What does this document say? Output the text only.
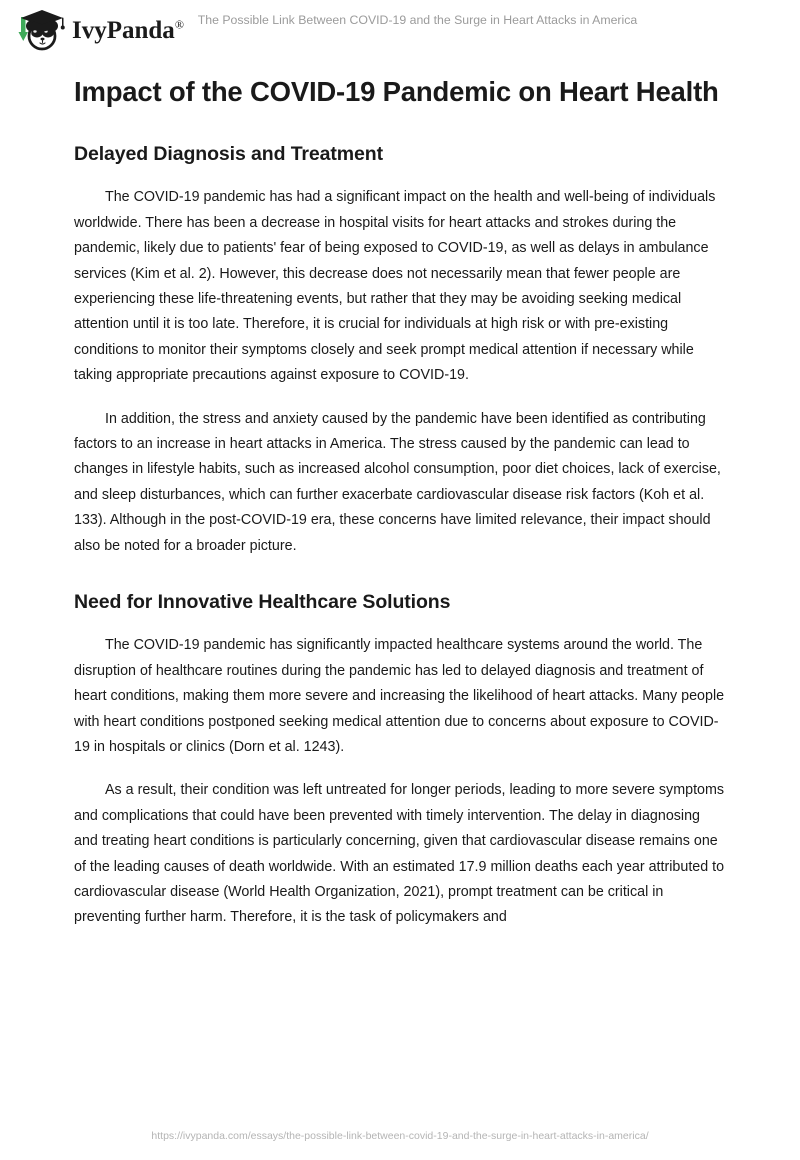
IvyPanda®	The Possible Link Between COVID-19 and the Surge in Heart Attacks in America
Impact of the COVID-19 Pandemic on Heart Health
Delayed Diagnosis and Treatment

The COVID-19 pandemic has had a significant impact on the health and well-being of individuals worldwide. There has been a decrease in hospital visits for heart attacks and strokes during the pandemic, likely due to patients' fear of being exposed to COVID-19, as well as delays in ambulance services (Kim et al. 2). However, this decrease does not necessarily mean that fewer people are experiencing these life-threatening events, but rather that they may be avoiding seeking medical attention until it is too late. Therefore, it is crucial for individuals at high risk or with pre-existing conditions to monitor their symptoms closely and seek prompt medical attention if necessary while taking appropriate precautions against exposure to COVID-19.

In addition, the stress and anxiety caused by the pandemic have been identified as contributing factors to an increase in heart attacks in America. The stress caused by the pandemic can lead to changes in lifestyle habits, such as increased alcohol consumption, poor diet choices, lack of exercise, and sleep disturbances, which can further exacerbate cardiovascular disease risk factors (Koh et al. 133). Although in the post-COVID-19 era, these concerns have limited relevance, their impact should also be noted for a broader picture.

Need for Innovative Healthcare Solutions

The COVID-19 pandemic has significantly impacted healthcare systems around the world. The disruption of healthcare routines during the pandemic has led to delayed diagnosis and treatment of heart conditions, making them more severe and increasing the likelihood of heart attacks. Many people with heart conditions postponed seeking medical attention due to concerns about exposure to COVID-19 in hospitals or clinics (Dorn et al. 1243).

As a result, their condition was left untreated for longer periods, leading to more severe symptoms and complications that could have been prevented with timely intervention. The delay in diagnosing and treating heart conditions is particularly concerning, given that cardiovascular disease remains one of the leading causes of death worldwide. With an estimated 17.9 million deaths each year attributed to cardiovascular disease (World Health Organization, 2021), prompt treatment can be critical in preventing further harm. Therefore, it is the task of policymakers and

https://ivypanda.com/essays/the-possible-link-between-covid-19-and-the-surge-in-heart-attacks-in-america/
